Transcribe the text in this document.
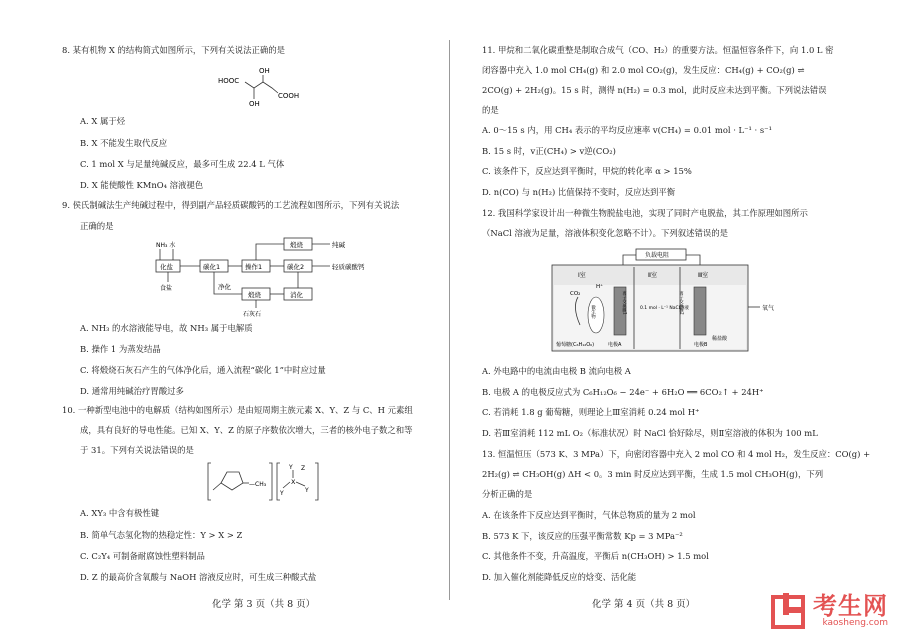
8. 某有机物 X 的结构简式如图所示，下列有关说法正确的是
HOOC
OH
OH
COOH
A. X 属于烃
B. X 不能发生取代反应
C. 1 mol X 与足量纯碱反应，最多可生成 22.4 L 气体
D. X 能使酸性 KMnO₄ 溶液褪色
9. 侯氏制碱法生产纯碱过程中，得到副产品轻质碳酸钙的工艺流程如图所示，下列有关说法
正确的是
NH₃ 水
化盐
食盐
碳化1	操作1	碳化2
煅烧	纯碱
轻质碳酸钙
净化
煅烧	消化
石灰石
A. NH₃ 的水溶液能导电，故 NH₃ 属于电解质
B. 操作 1 为蒸发结晶
C. 将煅烧石灰石产生的气体净化后，通入流程“碳化 1”中时应过量
D. 通常用纯碱治疗胃酸过多
10. 一种新型电池中的电解质（结构如图所示）是由短周期主族元素 X、Y、Z 与 C、H 元素组
成，具有良好的导电性能。已知 X、Y、Z 的原子序数依次增大，三者的核外电子数之和等
于 31。下列有关说法错误的是
—CH₃	X
Z
Y
Y
Y
A. XY₃ 中含有极性键
B. 简单气态氢化物的热稳定性：Y > X > Z
C. C₂Y₄ 可制备耐腐蚀性塑料制品
D. Z 的最高价含氧酸与 NaOH 溶液反应时，可生成三种酸式盐
化学 第 3 页（共 8 页）
11. 甲烷和二氧化碳重整是制取合成气（CO、H₂）的重要方法。恒温恒容条件下，向 1.0 L 密
闭容器中充入 1.0 mol CH₄(g) 和 2.0 mol CO₂(g)，发生反应：CH₄(g) + CO₂(g) ⇌
2CO(g) + 2H₂(g)。15 s 时，测得 n(H₂) = 0.3 mol，此时反应未达到平衡。下列说法错误
的是
A. 0～15 s 内，用 CH₄ 表示的平均反应速率 v(CH₄) = 0.01 mol · L⁻¹ · s⁻¹
B. 15 s 时，v正(CH₄) > v逆(CO₂)
C. 该条件下，反应达到平衡时，甲烷的转化率 α > 15%
D. n(CO) 与 n(H₂) 比值保持不变时，反应达到平衡
12. 我国科学家设计出一种微生物脱盐电池，实现了同时产电脱盐，其工作原理如图所示
（NaCl 溶液为足量，溶液体积变化忽略不计）。下列叙述错误的是
负载电阻
Ⅰ室	Ⅱ室	Ⅲ室
CO₂
H⁺
微生物
葡萄糖(C₆H₁₂O₆)	电极A
离子交换膜1	0.1 mol · L⁻¹ NaCl溶液
离子交换膜2
电极B
稀盐酸
氧气
A. 外电路中的电流由电极 B 流向电极 A
B. 电极 A 的电极反应式为 C₆H₁₂O₆ − 24e⁻ + 6H₂O ══ 6CO₂↑ + 24H⁺
C. 若消耗 1.8 g 葡萄糖，则理论上Ⅲ室消耗 0.24 mol H⁺
D. 若Ⅲ室消耗 112 mL O₂（标准状况）时 NaCl 恰好除尽，则Ⅱ室溶液的体积为 100 mL
13. 恒温恒压（573 K、3 MPa）下，向密闭容器中充入 2 mol CO 和 4 mol H₂，发生反应：CO(g) +
2H₂(g) ⇌ CH₃OH(g) ΔH < 0。3 min 时反应达到平衡，生成 1.5 mol CH₃OH(g)，下列
分析正确的是
A. 在该条件下反应达到平衡时，气体总物质的量为 2 mol
B. 573 K 下，该反应的压强平衡常数 Kp = 3 MPa⁻²
C. 其他条件不变，升高温度，平衡后 n(CH₃OH) > 1.5 mol
D. 加入催化剂能降低反应的焓变、活化能
化学 第 4 页（共 8 页）	考生网
kaosheng.com
